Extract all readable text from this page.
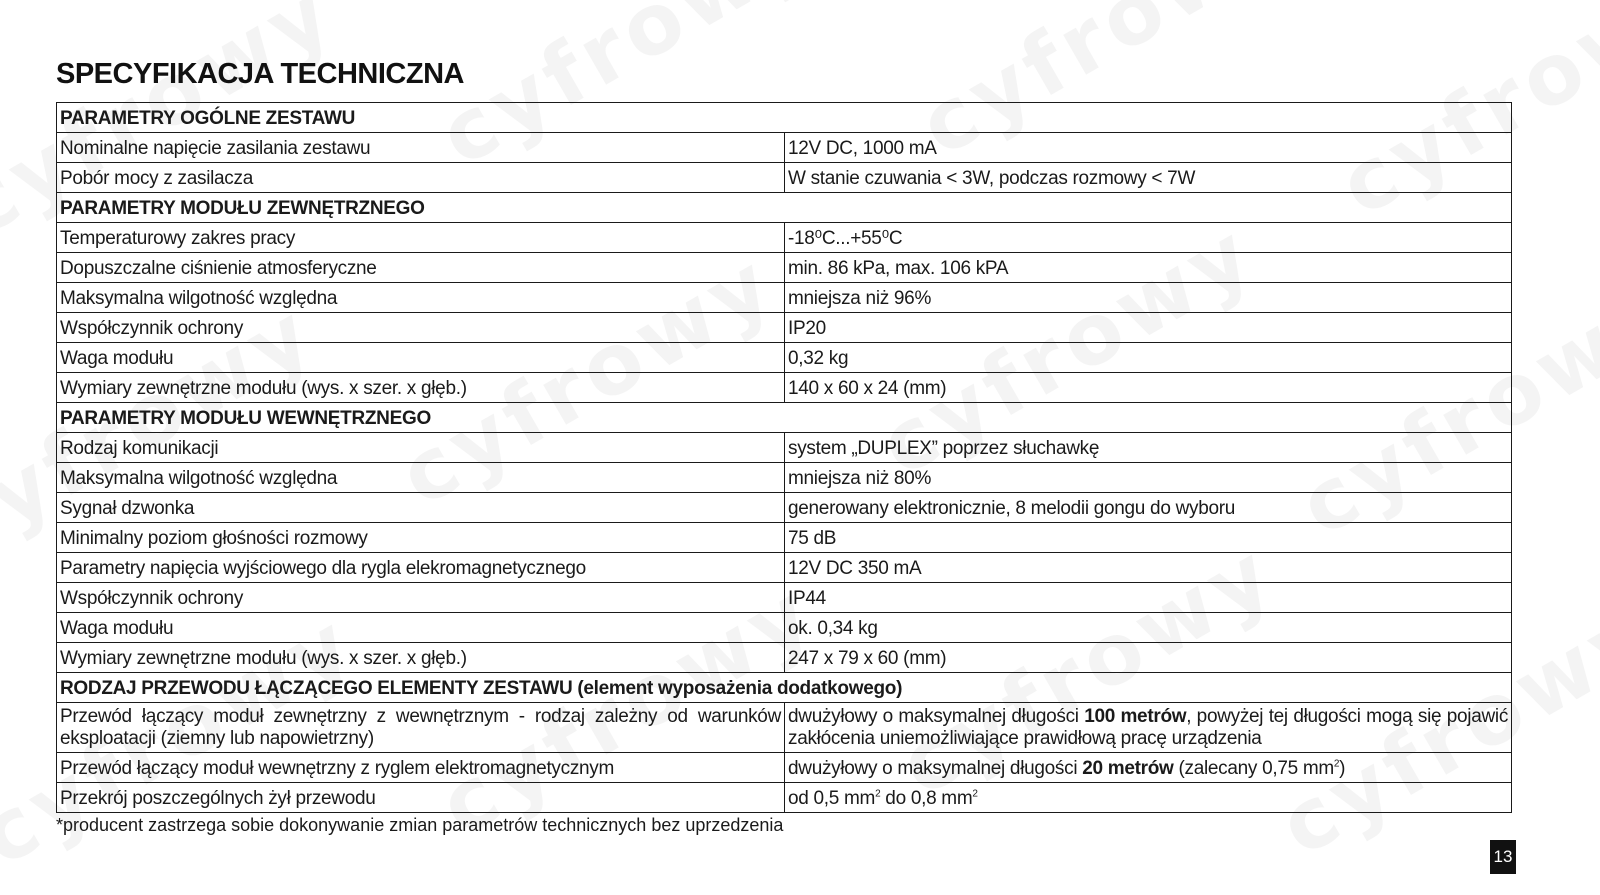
SPECYFIKACJA TECHNICZNA
PARAMETRY OGÓLNE ZESTAWU	
Nominalne napięcie zasilania zestawu	12V DC, 1000 mA
Pobór mocy z zasilacza	W stanie czuwania < 3W, podczas rozmowy < 7W
PARAMETRY MODUŁU ZEWNĘTRZNEGO	
Temperaturowy zakres pracy	-18⁰C...+55⁰C
Dopuszczalne ciśnienie atmosferyczne	min. 86 kPa, max. 106 kPA
Maksymalna wilgotność względna	mniejsza niż 96%
Współczynnik ochrony	IP20
Waga modułu	0,32 kg
Wymiary zewnętrzne modułu (wys. x szer. x głęb.)	140 x 60 x 24 (mm)
PARAMETRY MODUŁU WEWNĘTRZNEGO	
Rodzaj komunikacji	system „DUPLEX” poprzez słuchawkę
Maksymalna wilgotność względna	mniejsza niż 80%
Sygnał dzwonka	generowany elektronicznie, 8 melodii gongu do wyboru
Minimalny poziom głośności rozmowy	75 dB
Parametry napięcia wyjściowego dla rygla elekromagnetycznego	12V DC 350 mA
Współczynnik ochrony	IP44
Waga modułu	ok. 0,34 kg
Wymiary zewnętrzne modułu (wys. x szer. x głęb.)	247 x 79 x 60 (mm)
RODZAJ PRZEWODU ŁĄCZĄCEGO ELEMENTY ZESTAWU (element wyposażenia dodatkowego)	
Przewód łączący moduł zewnętrzny z wewnętrznym - rodzaj zależny od warunków eksploatacji (ziemny lub napowietrzny)	dwużyłowy o maksymalnej długości 100 metrów, powyżej tej długości mogą się pojawić zakłócenia uniemożliwiające prawidłową pracę urządzenia
Przewód łączący moduł wewnętrzny z ryglem elektromagnetycznym	dwużyłowy o maksymalnej długości 20 metrów (zalecany 0,75 $mm^2$)
Przekrój poszczególnych żył przewodu	od 0,5 $mm^2$ do 0,8 $mm^2$

*producent zastrzega sobie dokonywanie zmian parametrów technicznych bez uprzedzenia

13
